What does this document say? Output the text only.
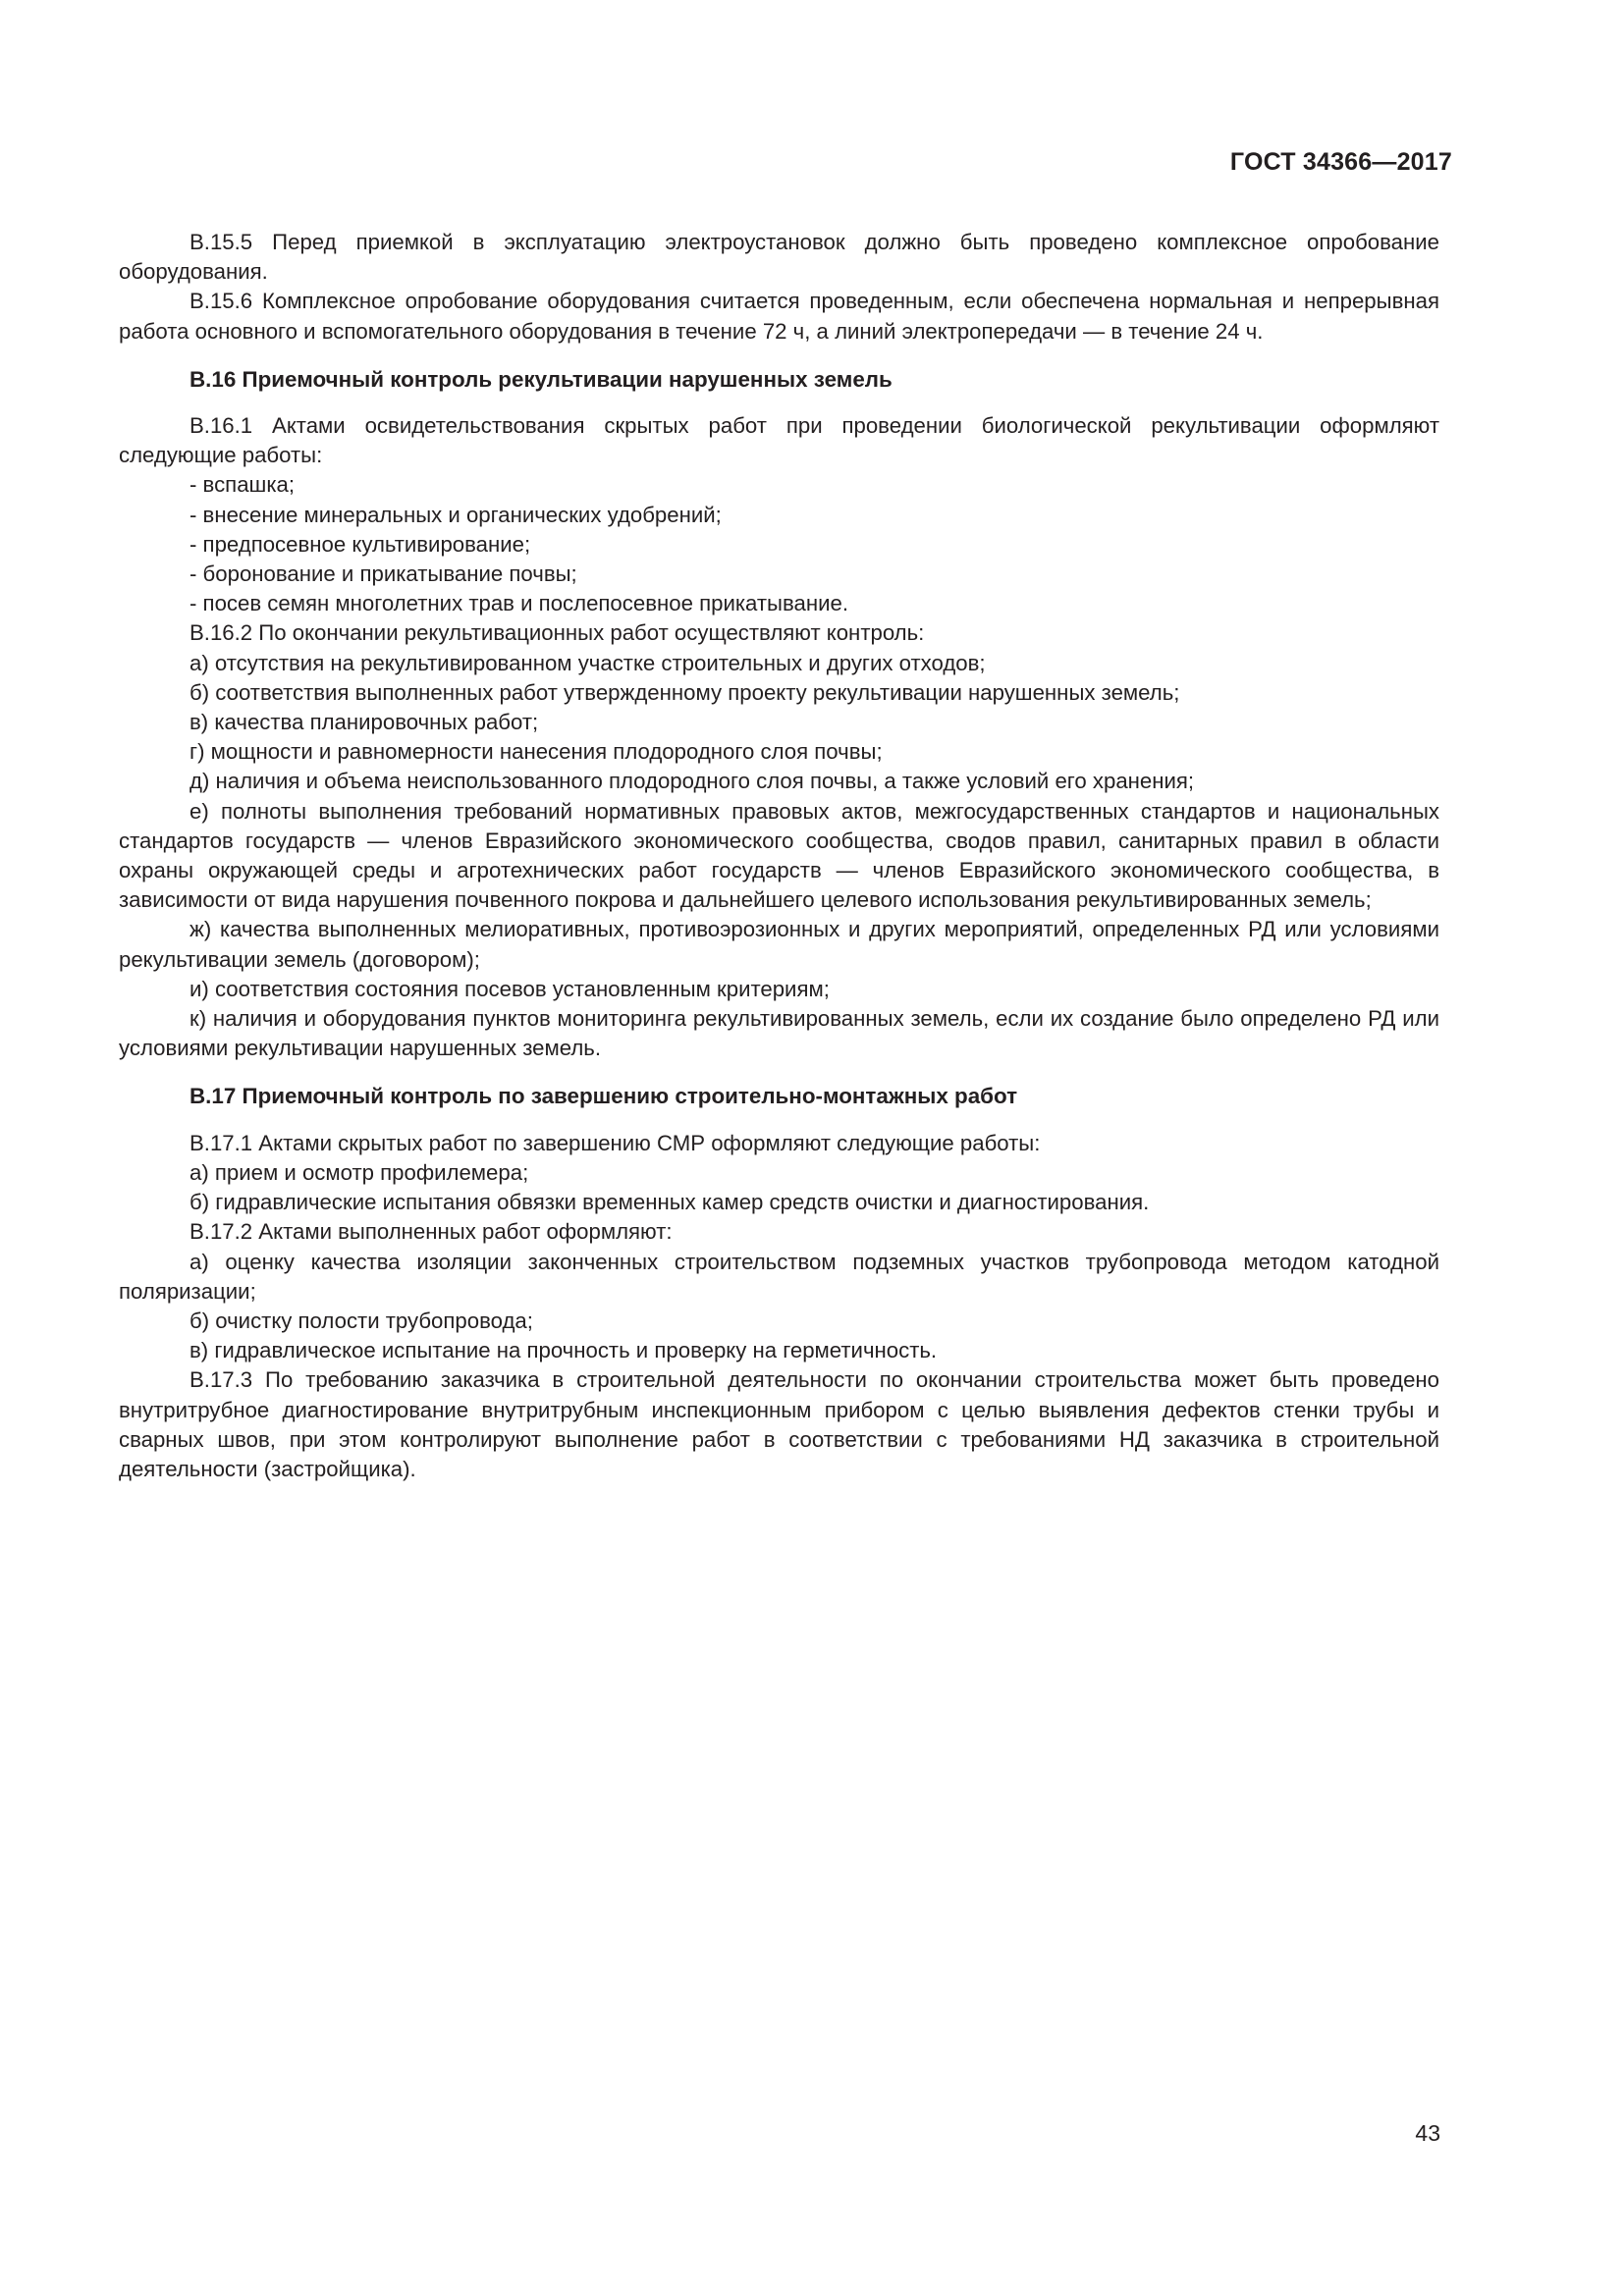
ГОСТ 34366—2017

В.15.5 Перед приемкой в эксплуатацию электроустановок должно быть проведено комплексное опробование оборудования.

В.15.6 Комплексное опробование оборудования считается проведенным, если обеспечена нормальная и непрерывная работа основного и вспомогательного оборудования в течение 72 ч, а линий электропередачи — в течение 24 ч.

В.16 Приемочный контроль рекультивации нарушенных земель

В.16.1 Актами освидетельствования скрытых работ при проведении биологической рекультивации оформляют следующие работы:

- вспашка;

- внесение минеральных и органических удобрений;

- предпосевное культивирование;

- боронование и прикатывание почвы;

- посев семян многолетних трав и послепосевное прикатывание.

В.16.2 По окончании рекультивационных работ осуществляют контроль:

а) отсутствия на рекультивированном участке строительных и других отходов;

б) соответствия выполненных работ утвержденному проекту рекультивации нарушенных земель;

в) качества планировочных работ;

г) мощности и равномерности нанесения плодородного слоя почвы;

д) наличия и объема неиспользованного плодородного слоя почвы, а также условий его хранения;

е) полноты выполнения требований нормативных правовых актов, межгосударственных стандартов и национальных стандартов государств — членов Евразийского экономического сообщества, сводов правил, санитарных правил в области охраны окружающей среды и агротехнических работ государств — членов Евразийского экономического сообщества, в зависимости от вида нарушения почвенного покрова и дальнейшего целевого использования рекультивированных земель;

ж) качества выполненных мелиоративных, противоэрозионных и других мероприятий, определенных РД или условиями рекультивации земель (договором);

и) соответствия состояния посевов установленным критериям;

к) наличия и оборудования пунктов мониторинга рекультивированных земель, если их создание было определено РД или условиями рекультивации нарушенных земель.

В.17 Приемочный контроль по завершению строительно-монтажных работ

В.17.1 Актами скрытых работ по завершению СМР оформляют следующие работы:

а) прием и осмотр профилемера;

б) гидравлические испытания обвязки временных камер средств очистки и диагностирования.

В.17.2 Актами выполненных работ оформляют:

а) оценку качества изоляции законченных строительством подземных участков трубопровода методом катодной поляризации;

б) очистку полости трубопровода;

в) гидравлическое испытание на прочность и проверку на герметичность.

В.17.3 По требованию заказчика в строительной деятельности по окончании строительства может быть проведено внутритрубное диагностирование внутритрубным инспекционным прибором с целью выявления дефектов стенки трубы и сварных швов, при этом контролируют выполнение работ в соответствии с требованиями НД заказчика в строительной деятельности (застройщика).

43
